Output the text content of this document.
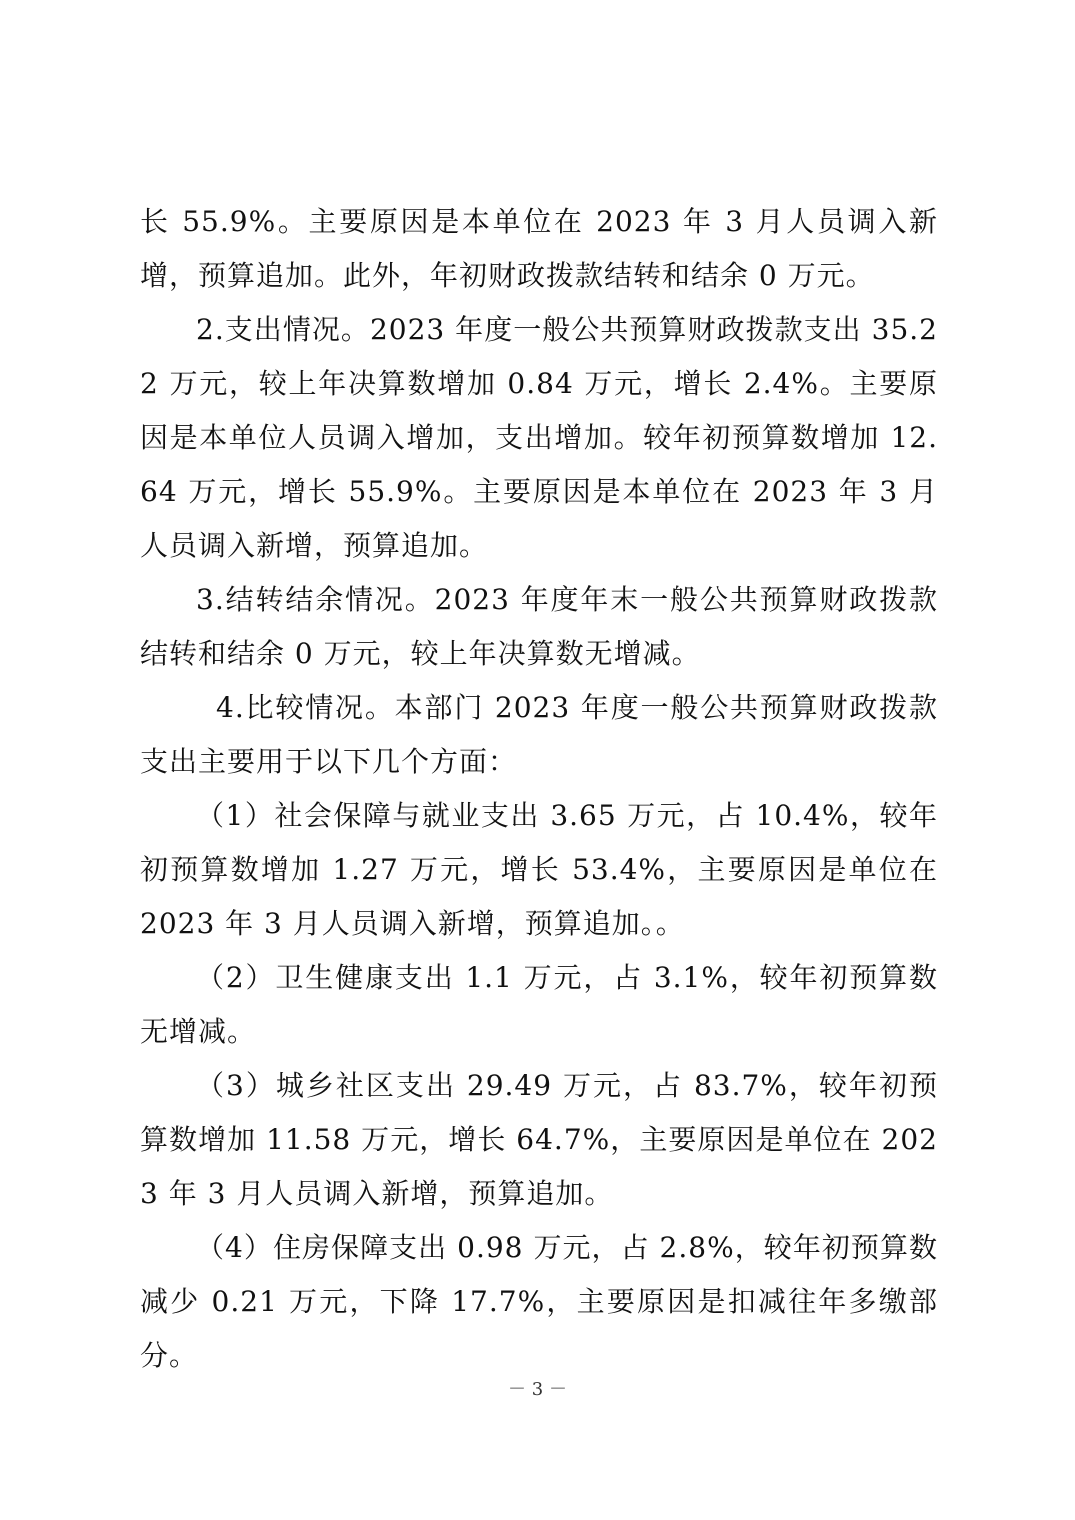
长 55.9%。主要原因是本单位在 2023 年 3 月人员调入新增，预算追加。此外，年初财政拨款结转和结余 0 万元。

2.支出情况。2023 年度一般公共预算财政拨款支出 35.22 万元，较上年决算数增加 0.84 万元，增长 2.4%。主要原因是本单位人员调入增加，支出增加。较年初预算数增加 12.64 万元，增长 55.9%。主要原因是本单位在 2023 年 3 月人员调入新增，预算追加。

3.结转结余情况。2023 年度年末一般公共预算财政拨款结转和结余 0 万元，较上年决算数无增减。

4.比较情况。本部门 2023 年度一般公共预算财政拨款支出主要用于以下几个方面：

（1）社会保障与就业支出 3.65 万元，占 10.4%，较年初预算数增加 1.27 万元，增长 53.4%，主要原因是单位在 2023 年 3 月人员调入新增，预算追加。。

（2）卫生健康支出 1.1 万元，占 3.1%，较年初预算数无增减。

（3）城乡社区支出 29.49 万元，占 83.7%，较年初预算数增加 11.58 万元，增长 64.7%，主要原因是单位在 2023 年 3 月人员调入新增，预算追加。

（4）住房保障支出 0.98 万元，占 2.8%，较年初预算数减少 0.21 万元，下降 17.7%，主要原因是扣减往年多缴部分。

－ 3 －
